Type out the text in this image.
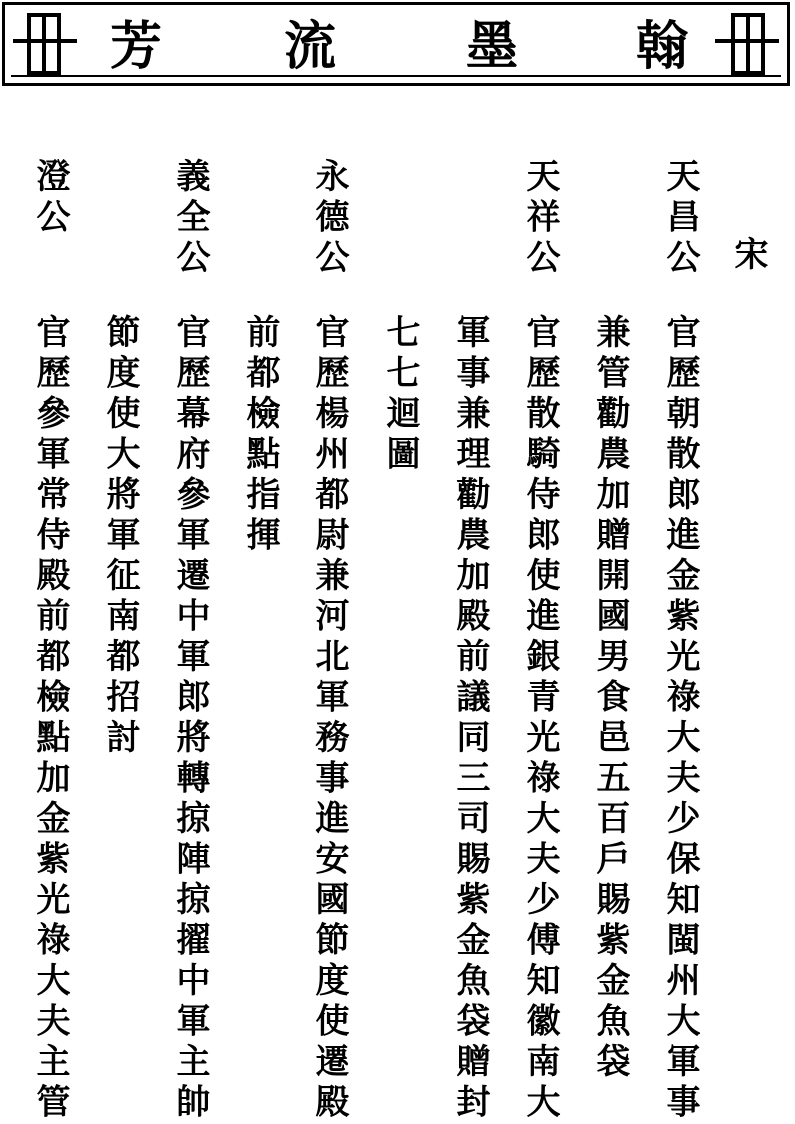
芳 流 墨 翰
宋
天昌公
天祥公
永德公
義全公
澄公
官歷朝散郎進金紫光祿大夫少保知閩州大軍事
兼管勸農加贈開國男食邑五百戶賜紫金魚袋
官歷散騎侍郎使進銀青光祿大夫少傅知徽南大
軍事兼理勸農加殿前議同三司賜紫金魚袋贈封
七七迴圖
官歷楊州都尉兼河北軍務事進安國節度使遷殿
前都檢點指揮
官歷幕府參軍遷中軍郎將轉掠陣掠擢中軍主帥
節度使大將軍征南都招討
官歷參軍常侍殿前都檢點加金紫光祿大夫主管
